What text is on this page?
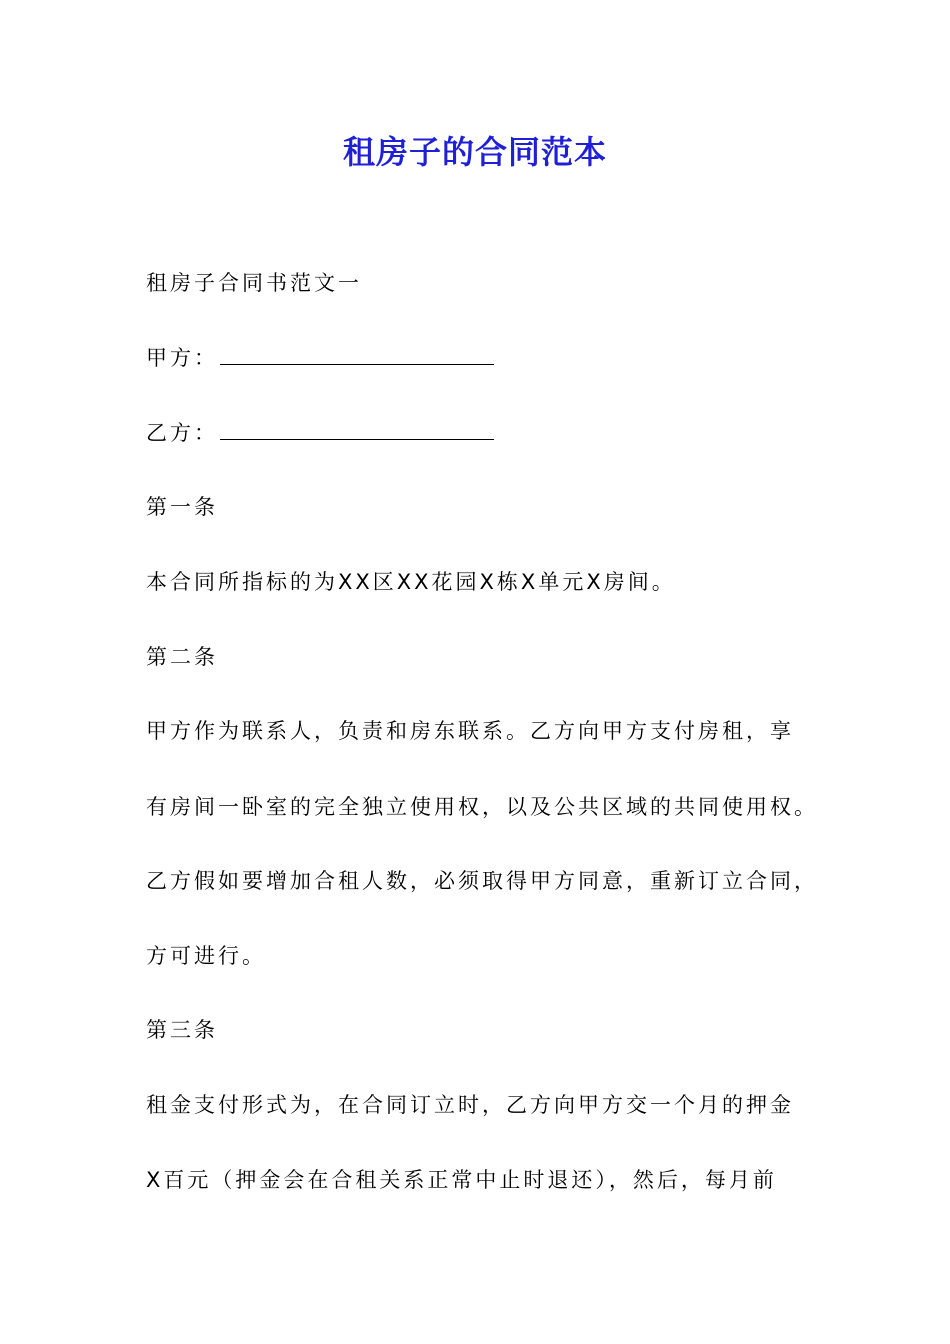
租房子的合同范本
租房子合同书范文一
甲方：
乙方：
第一条
本合同所指标的为XX区XX花园X栋X单元X房间。
第二条
甲方作为联系人，负责和房东联系。乙方向甲方支付房租，享
有房间一卧室的完全独立使用权，以及公共区域的共同使用权。
乙方假如要增加合租人数，必须取得甲方同意，重新订立合同，
方可进行。
第三条
租金支付形式为，在合同订立时，乙方向甲方交一个月的押金
X百元（押金会在合租关系正常中止时退还），然后，每月前
